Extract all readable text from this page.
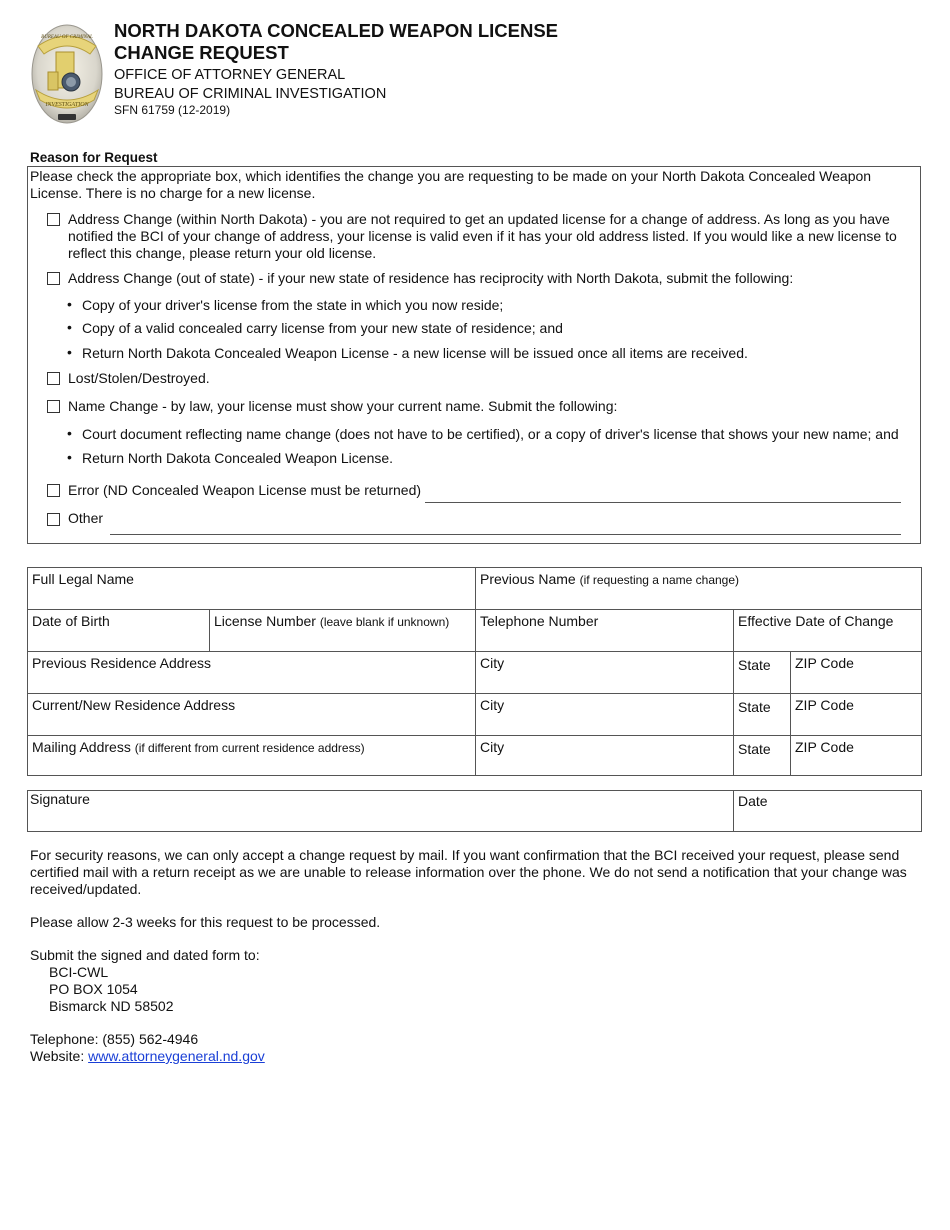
INVESTIGATION
BUREAU OF CRIMINAL NORTH DAKOTA CONCEALED WEAPON LICENSE
CHANGE REQUEST
OFFICE OF ATTORNEY GENERAL
BUREAU OF CRIMINAL INVESTIGATION
SFN 61759 (12-2019)
Reason for Request
Please check the appropriate box, which identifies the change you are requesting to be made on your North Dakota Concealed Weapon License. There is no charge for a new license.
Address Change (within North Dakota) - you are not required to get an updated license for a change of address. As long as you have notified the BCI of your change of address, your license is valid even if it has your old address listed. If you would like a new license to reflect this change, please return your old license.
Address Change (out of state) - if your new state of residence has reciprocity with North Dakota, submit the following:
• Copy of your driver's license from the state in which you now reside;
• Copy of a valid concealed carry license from your new state of residence; and
• Return North Dakota Concealed Weapon License - a new license will be issued once all items are received.
Lost/Stolen/Destroyed.
Name Change - by law, your license must show your current name. Submit the following:
• Court document reflecting name change (does not have to be certified), or a copy of driver's license that shows your new name; and
• Return North Dakota Concealed Weapon License.
Error (ND Concealed Weapon License must be returned)
Other
Full Legal Name	Previous Name (if requesting a name change)
Date of Birth	License Number (leave blank if unknown)	Telephone Number	Effective Date of Change
Previous Residence Address	City	State	ZIP Code
Current/New Residence Address	City	State	ZIP Code
Mailing Address (if different from current residence address)	City	State	ZIP Code
Signature	Date
For security reasons, we can only accept a change request by mail. If you want confirmation that the BCI received your request, please send certified mail with a return receipt as we are unable to release information over the phone. We do not send a notification that your change was received/updated.
Please allow 2-3 weeks for this request to be processed.
Submit the signed and dated form to:
BCI-CWL
PO BOX 1054
Bismarck ND 58502
Telephone: (855) 562-4946
Website: www.attorneygeneral.nd.gov
